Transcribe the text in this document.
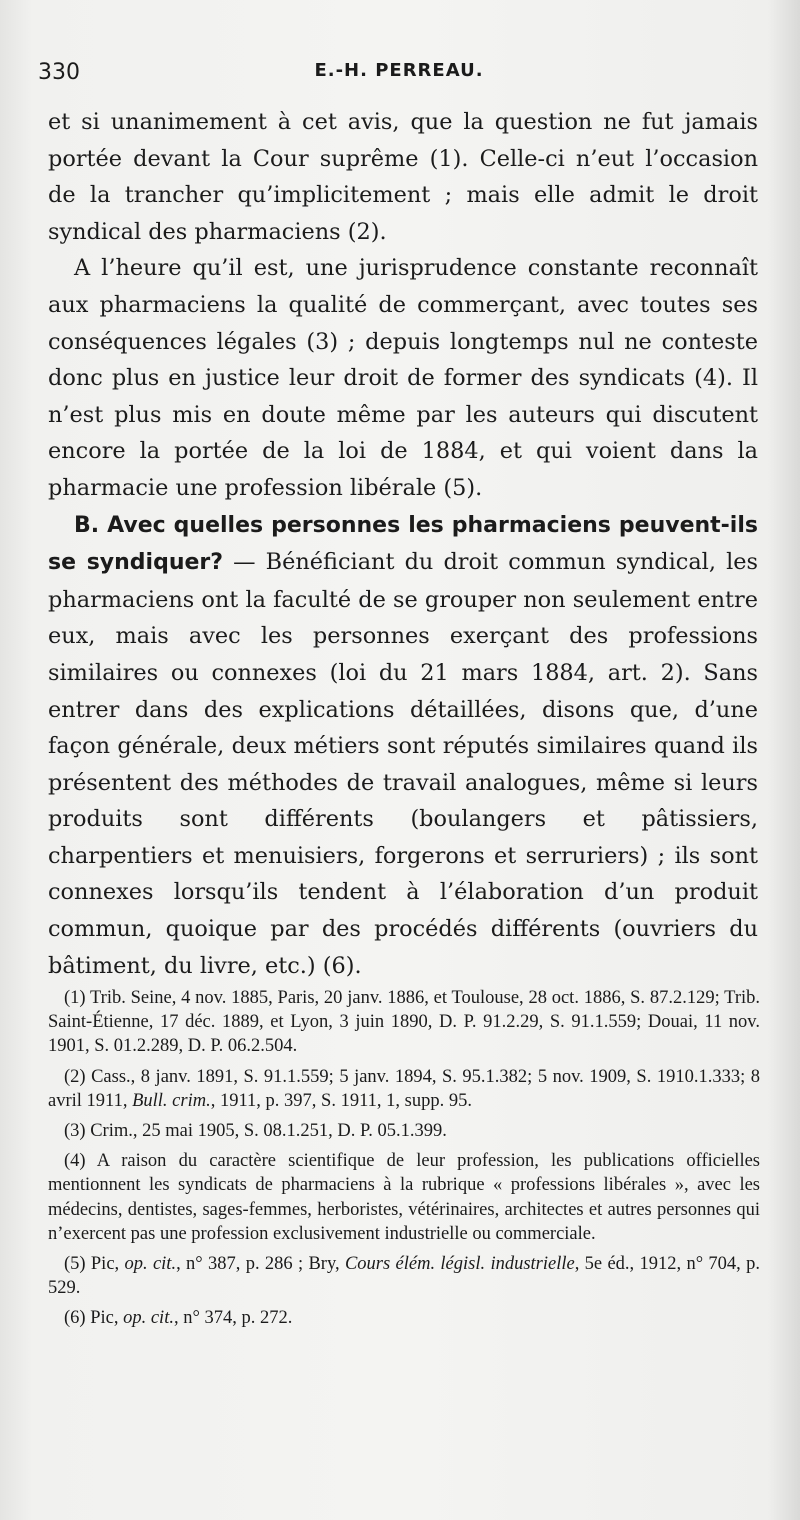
330	E.-H. PERREAU.

et si unanimement à cet avis, que la question ne fut jamais portée devant la Cour suprême (1). Celle-ci n’eut l’occasion de la trancher qu’implicitement ; mais elle admit le droit syndical des pharmaciens (2).

A l’heure qu’il est, une jurisprudence constante reconnaît aux pharmaciens la qualité de commerçant, avec toutes ses conséquences légales (3) ; depuis longtemps nul ne conteste donc plus en justice leur droit de former des syndicats (4). Il n’est plus mis en doute même par les auteurs qui discutent encore la portée de la loi de 1884, et qui voient dans la pharmacie une profession libérale (5).

B. Avec quelles personnes les pharmaciens peuvent-ils se syndiquer? — Bénéficiant du droit commun syndical, les pharmaciens ont la faculté de se grouper non seulement entre eux, mais avec les personnes exerçant des professions similaires ou connexes (loi du 21 mars 1884, art. 2). Sans entrer dans des explications détaillées, disons que, d’une façon générale, deux métiers sont réputés similaires quand ils présentent des méthodes de travail analogues, même si leurs produits sont différents (boulangers et pâtissiers, charpentiers et menuisiers, forgerons et serruriers) ; ils sont connexes lorsqu’ils tendent à l’élaboration d’un produit commun, quoique par des procédés différents (ouvriers du bâtiment, du livre, etc.) (6).

(1) Trib. Seine, 4 nov. 1885, Paris, 20 janv. 1886, et Toulouse, 28 oct. 1886, S. 87.2.129; Trib. Saint-Étienne, 17 déc. 1889, et Lyon, 3 juin 1890, D. P. 91.2.29, S. 91.1.559; Douai, 11 nov. 1901, S. 01.2.289, D. P. 06.2.504.

(2) Cass., 8 janv. 1891, S. 91.1.559; 5 janv. 1894, S. 95.1.382; 5 nov. 1909, S. 1910.1.333; 8 avril 1911, Bull. crim., 1911, p. 397, S. 1911, 1, supp. 95.

(3) Crim., 25 mai 1905, S. 08.1.251, D. P. 05.1.399.

(4) A raison du caractère scientifique de leur profession, les publications officielles mentionnent les syndicats de pharmaciens à la rubrique « professions libérales », avec les médecins, dentistes, sages-femmes, herboristes, vétérinaires, architectes et autres personnes qui n’exercent pas une profession exclusivement industrielle ou commerciale.

(5) Pic, op. cit., n° 387, p. 286 ; Bry, Cours élém. législ. industrielle, 5e éd., 1912, n° 704, p. 529.

(6) Pic, op. cit., n° 374, p. 272.
